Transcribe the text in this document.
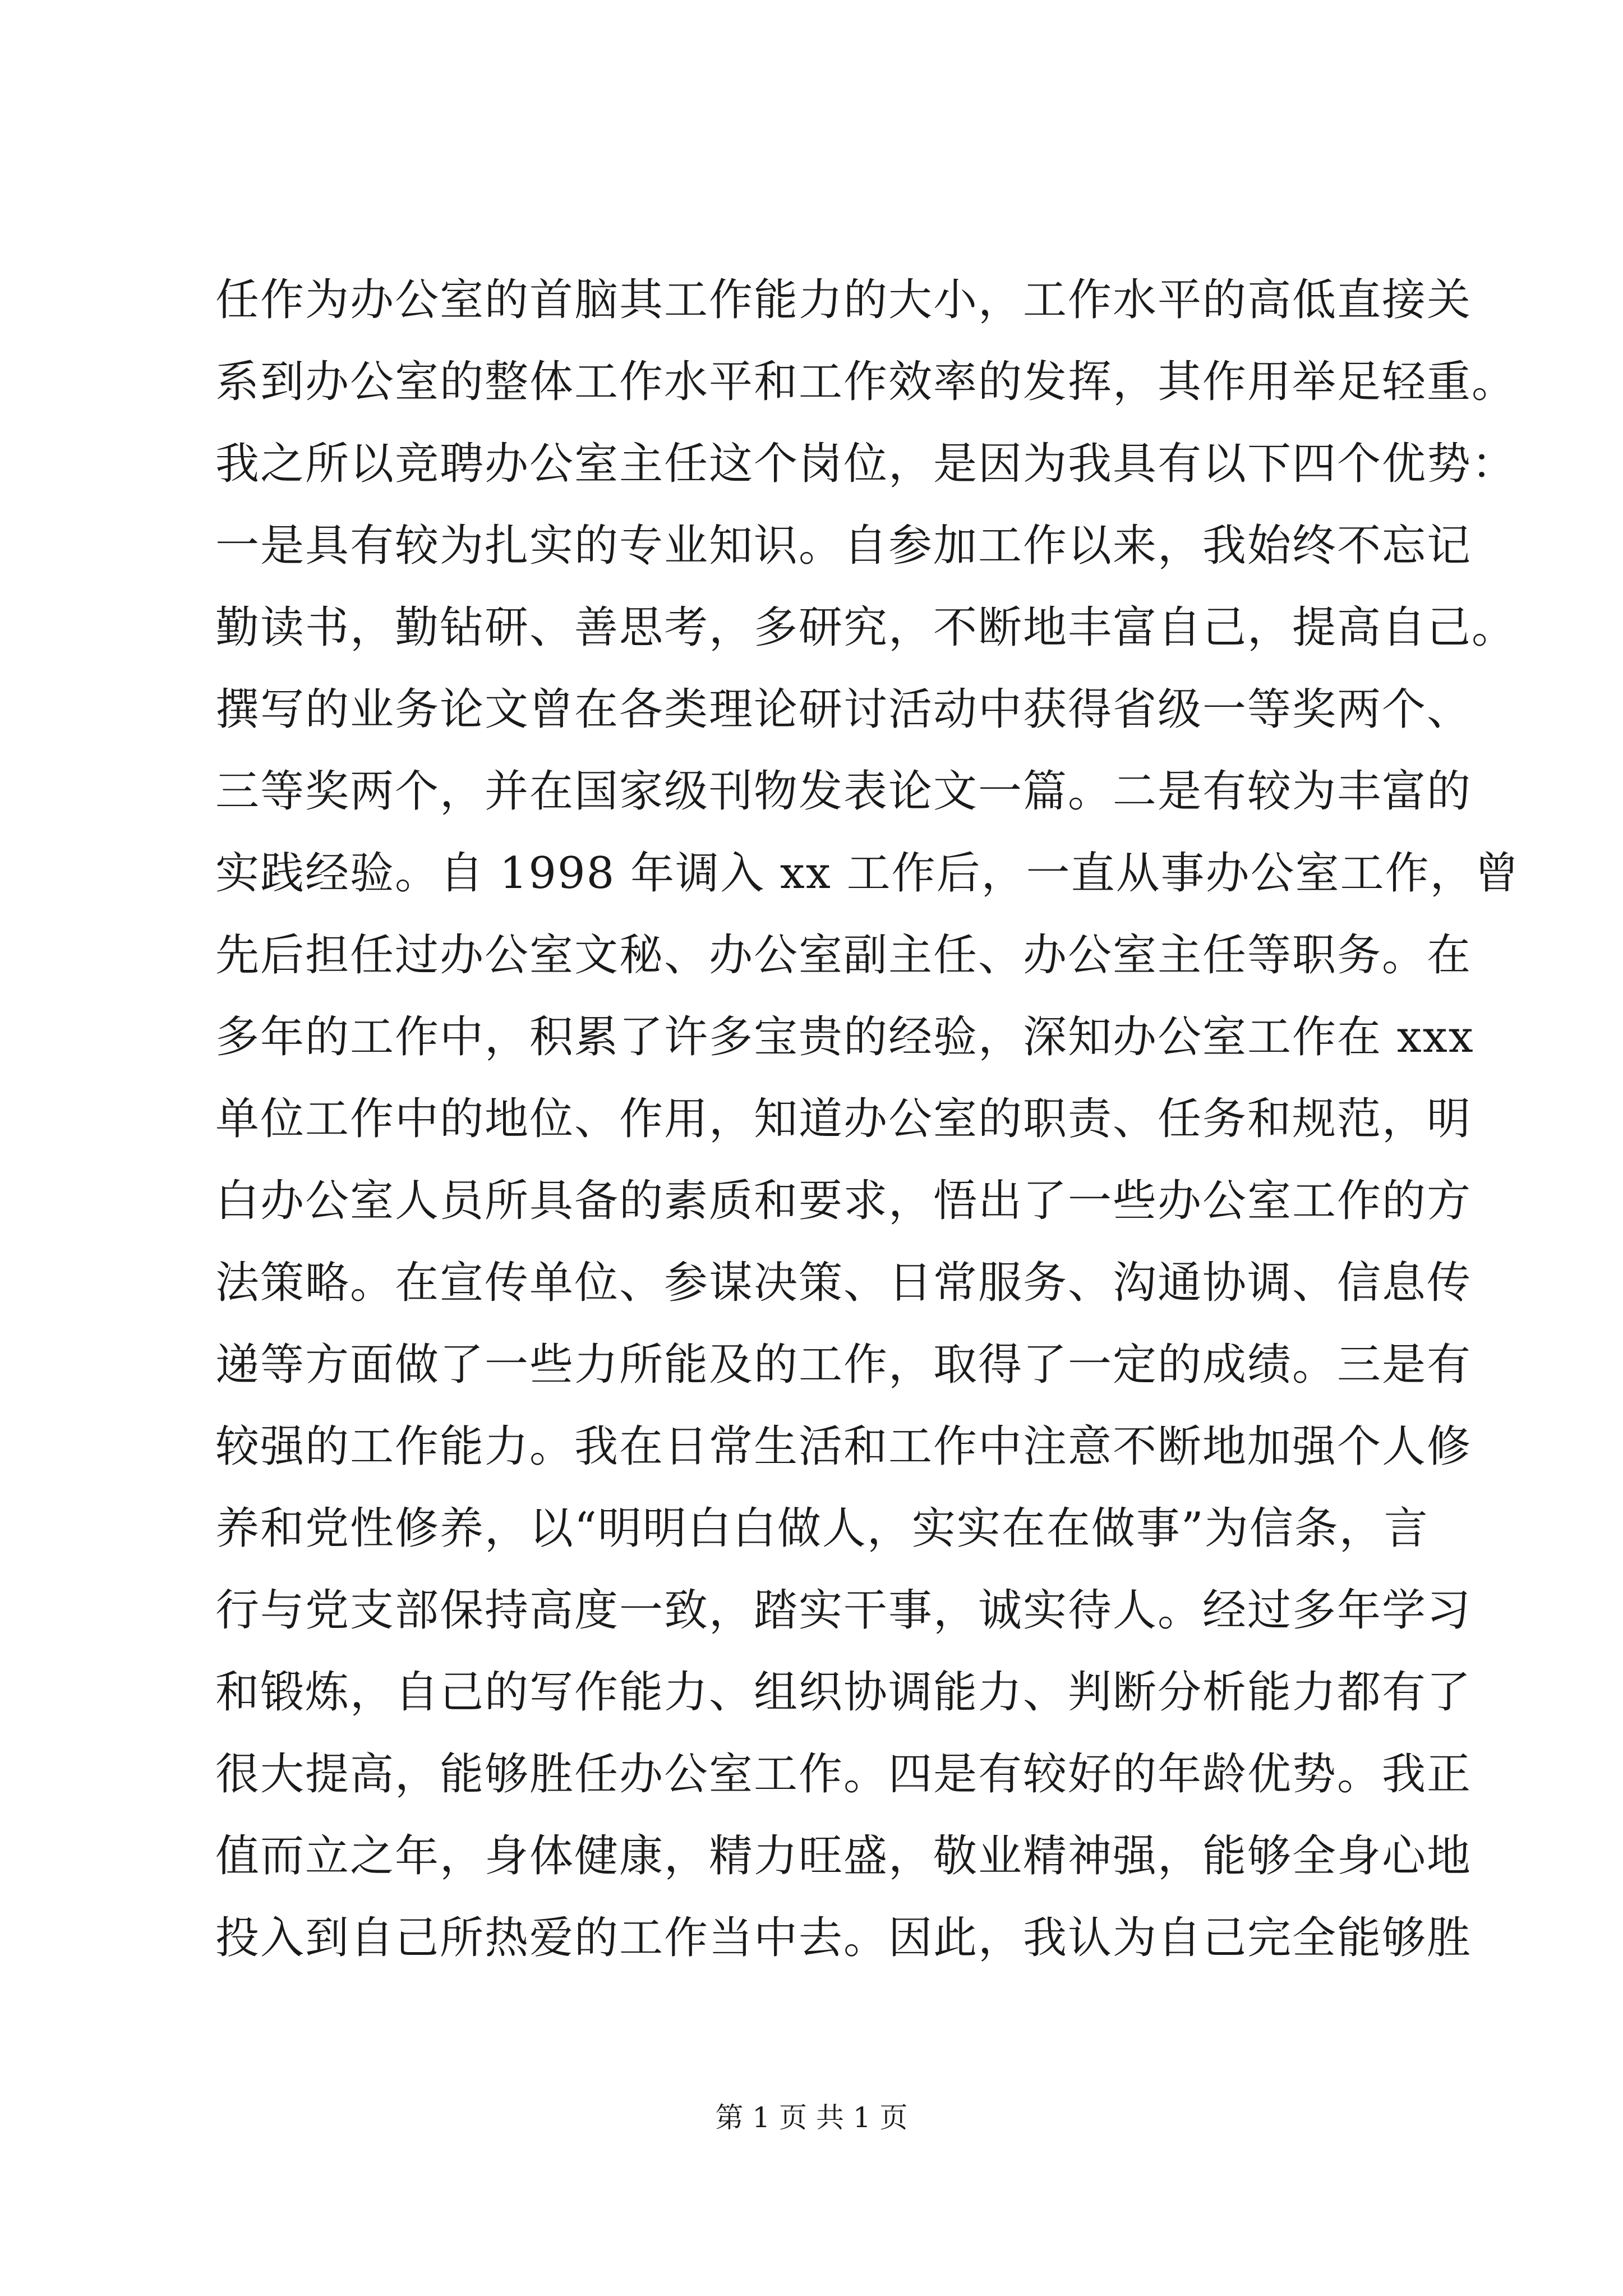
任作为办公室的首脑其工作能力的大小，工作水平的高低直接关
系到办公室的整体工作水平和工作效率的发挥，其作用举足轻重。
我之所以竞聘办公室主任这个岗位，是因为我具有以下四个优势：
一是具有较为扎实的专业知识。自参加工作以来，我始终不忘记
勤读书，勤钻研、善思考，多研究，不断地丰富自己，提高自己。
撰写的业务论文曾在各类理论研讨活动中获得省级一等奖两个、
三等奖两个，并在国家级刊物发表论文一篇。二是有较为丰富的
实践经验。自 1998 年调入 xx 工作后，一直从事办公室工作，曾
先后担任过办公室文秘、办公室副主任、办公室主任等职务。在
多年的工作中，积累了许多宝贵的经验，深知办公室工作在 xxx
单位工作中的地位、作用，知道办公室的职责、任务和规范，明
白办公室人员所具备的素质和要求，悟出了一些办公室工作的方
法策略。在宣传单位、参谋决策、日常服务、沟通协调、信息传
递等方面做了一些力所能及的工作，取得了一定的成绩。三是有
较强的工作能力。我在日常生活和工作中注意不断地加强个人修
养和党性修养，以“明明白白做人，实实在在做事”为信条，言
行与党支部保持高度一致，踏实干事，诚实待人。经过多年学习
和锻炼，自己的写作能力、组织协调能力、判断分析能力都有了
很大提高，能够胜任办公室工作。四是有较好的年龄优势。我正
值而立之年，身体健康，精力旺盛，敬业精神强，能够全身心地
投入到自己所热爱的工作当中去。因此，我认为自己完全能够胜
第 1 页 共 1 页
